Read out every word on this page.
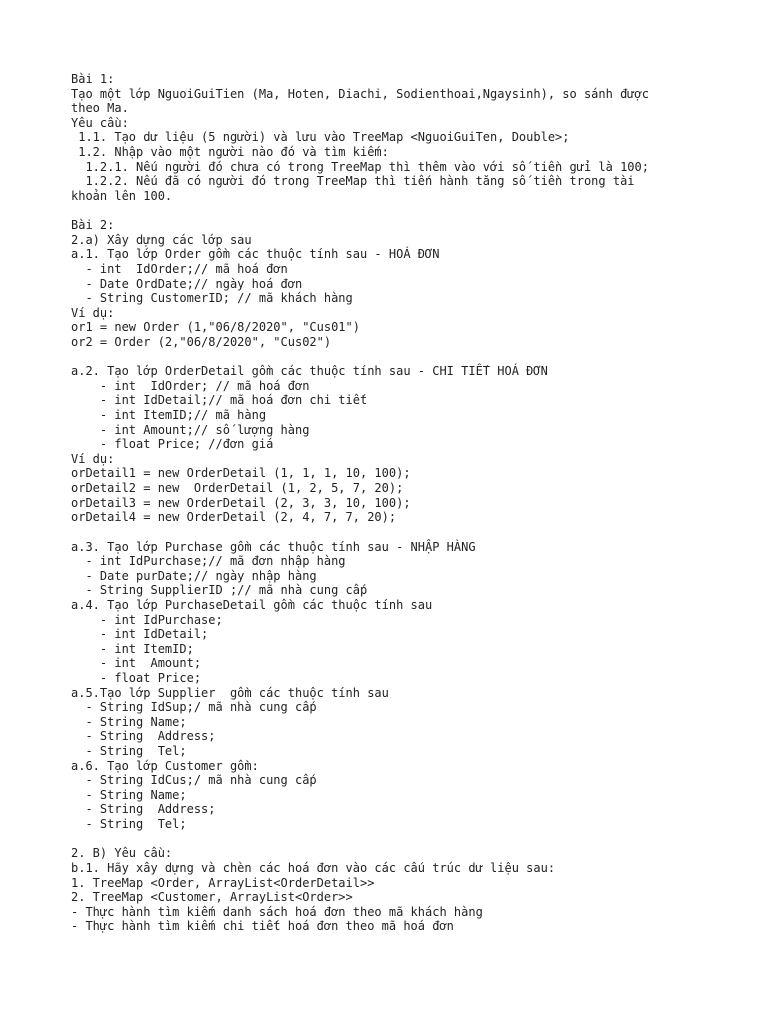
Bài 1:
Tạo một lớp NguoiGuiTien (Ma, Hoten, Diachi, Sodienthoai,Ngaysinh), so sánh được
theo Ma.
Yêu cầu:
1.1. Tạo dư liệu (5 người) và lưu vào TreeMap <NguoiGuiTen, Double>;
1.2. Nhập vào một người nào đó và tìm kiếm:
1.2.1. Nếu người đó chưa có trong TreeMap thì thêm vào với số tiền gửi là 100;
1.2.2. Nếu đã có người đó trong TreeMap thì tiến hành tăng số tiền trong tài
khoản lên 100.
Bài 2:
2.a) Xây dựng các lớp sau
a.1. Tạo lớp Order gồm các thuộc tính sau - HOÁ ĐƠN
- int  IdOrder;// mã hoá đơn
- Date OrdDate;// ngày hoá đơn
- String CustomerID; // mã khách hàng
Ví dụ:
or1 = new Order (1,"06/8/2020", "Cus01")
or2 = Order (2,"06/8/2020", "Cus02")
a.2. Tạo lớp OrderDetail gồm các thuộc tính sau - CHI TIẾT HOÁ ĐƠN
- int  IdOrder; // mã hoá đơn
- int IdDetail;// mã hoá đơn chi tiết
- int ItemID;// mã hàng
- int Amount;// số lượng hàng
- float Price; //đơn giá
Ví dụ:
orDetail1 = new OrderDetail (1, 1, 1, 10, 100);
orDetail2 = new  OrderDetail (1, 2, 5, 7, 20);
orDetail3 = new OrderDetail (2, 3, 3, 10, 100);
orDetail4 = new OrderDetail (2, 4, 7, 7, 20);
a.3. Tạo lớp Purchase gồm các thuộc tính sau - NHẬP HÀNG
- int IdPurchase;// mã đơn nhập hàng
- Date purDate;// ngày nhập hàng
- String SupplierID ;// mã nhà cung cấp
a.4. Tạo lớp PurchaseDetail gồm các thuộc tính sau
- int IdPurchase;
- int IdDetail;
- int ItemID;
- int  Amount;
- float Price;
a.5.Tạo lớp Supplier  gồm các thuộc tính sau
- String IdSup;/ mã nhà cung cấp
- String Name;
- String  Address;
- String  Tel;
a.6. Tạo lớp Customer gồm:
- String IdCus;/ mã nhà cung cấp
- String Name;
- String  Address;
- String  Tel;
2. B) Yêu cầu:
b.1. Hãy xây dựng và chèn các hoá đơn vào các cấu trúc dư liệu sau:
1. TreeMap <Order, ArrayList<OrderDetail>>
2. TreeMap <Customer, ArrayList<Order>>
- Thực hành tìm kiếm danh sách hoá đơn theo mã khách hàng
- Thực hành tìm kiếm chi tiết hoá đơn theo mã hoá đơn
